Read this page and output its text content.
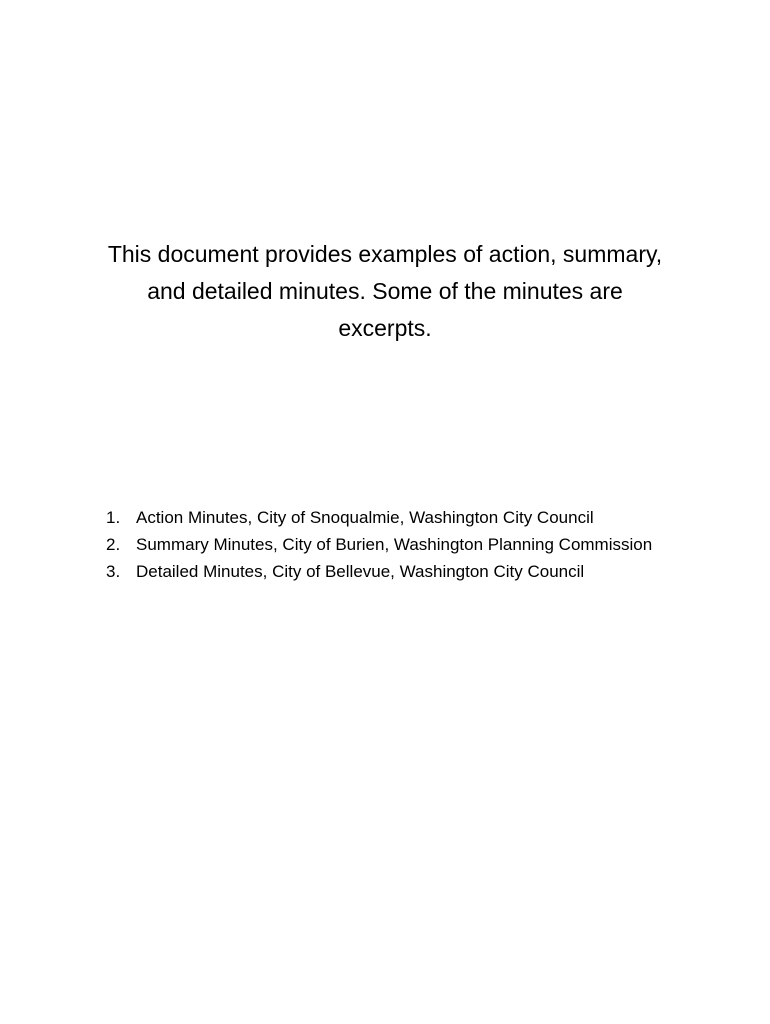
This document provides examples of action, summary, and detailed minutes. Some of the minutes are excerpts.

1. Action Minutes, City of Snoqualmie, Washington City Council
2. Summary Minutes, City of Burien, Washington Planning Commission
3. Detailed Minutes, City of Bellevue, Washington City Council
